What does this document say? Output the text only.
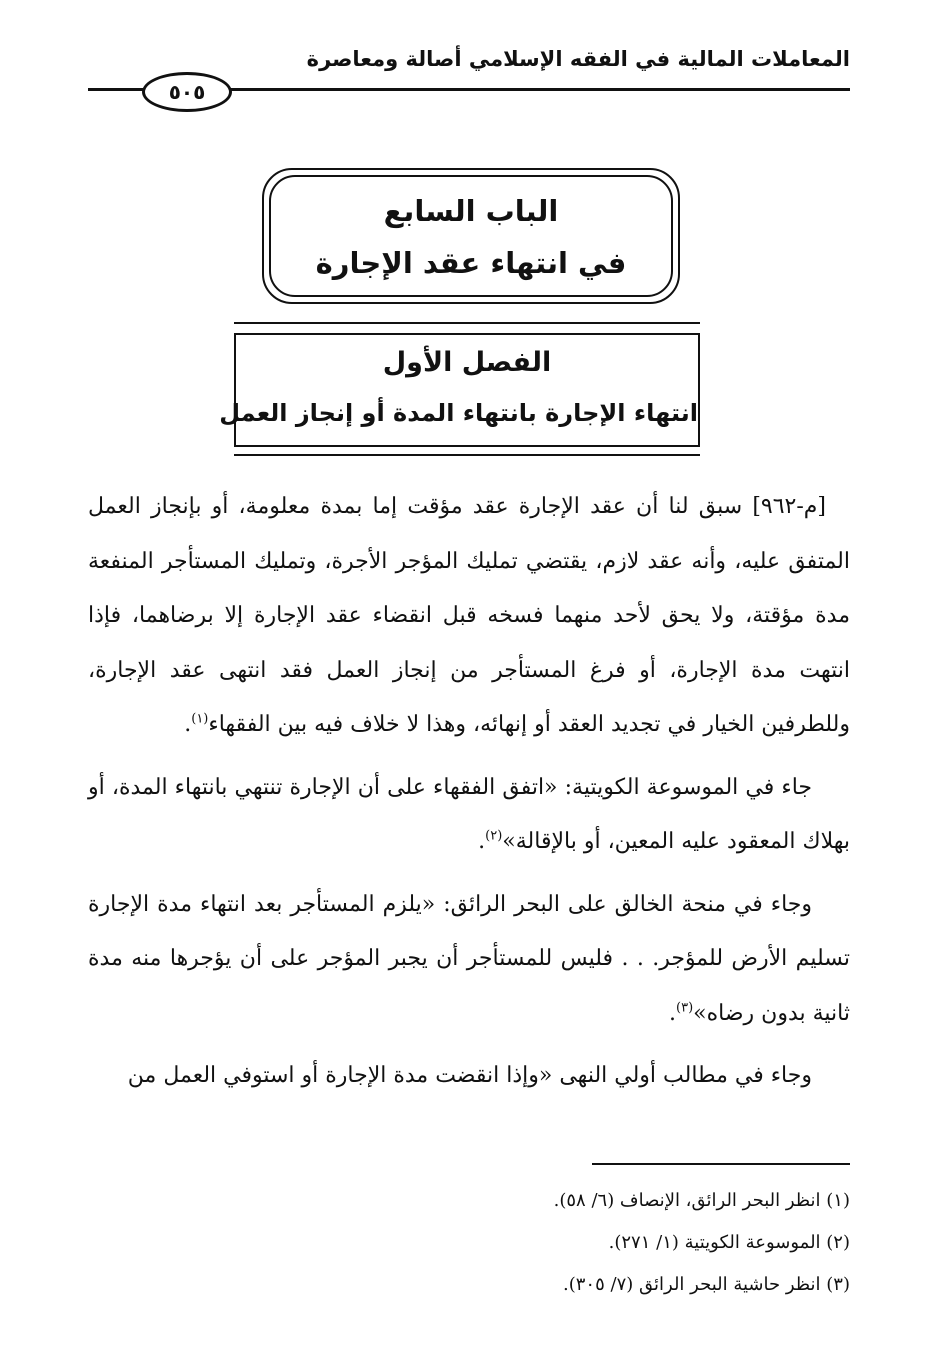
المعاملات المالية في الفقه الإسلامي أصالة ومعاصرة
٥٠٥
الباب السابع
في انتهاء عقد الإجارة
الفصل الأول
انتهاء الإجارة بانتهاء المدة أو إنجاز العمل

[م-٩٦٢] سبق لنا أن عقد الإجارة عقد مؤقت إما بمدة معلومة، أو بإنجاز العمل المتفق عليه، وأنه عقد لازم، يقتضي تمليك المؤجر الأجرة، وتمليك المستأجر المنفعة مدة مؤقتة، ولا يحق لأحد منهما فسخه قبل انقضاء عقد الإجارة إلا برضاهما، فإذا انتهت مدة الإجارة، أو فرغ المستأجر من إنجاز العمل فقد انتهى عقد الإجارة، وللطرفين الخيار في تجديد العقد أو إنهائه، وهذا لا خلاف فيه بين الفقهاء$^{(١)}$.

جاء في الموسوعة الكويتية: «اتفق الفقهاء على أن الإجارة تنتهي بانتهاء المدة، أو بهلاك المعقود عليه المعين، أو بالإقالة»$^{(٢)}$.

وجاء في منحة الخالق على البحر الرائق: «يلزم المستأجر بعد انتهاء مدة الإجارة تسليم الأرض للمؤجر. . . فليس للمستأجر أن يجبر المؤجر على أن يؤجرها منه مدة ثانية بدون رضاه»$^{(٣)}$.

وجاء في مطالب أولي النهى «وإذا انقضت مدة الإجارة أو استوفي العمل من

(١) انظر البحر الرائق، الإنصاف (٦/ ٥٨).
(٢) الموسوعة الكويتية (١/ ٢٧١).
(٣) انظر حاشية البحر الرائق (٧/ ٣٠٥).
